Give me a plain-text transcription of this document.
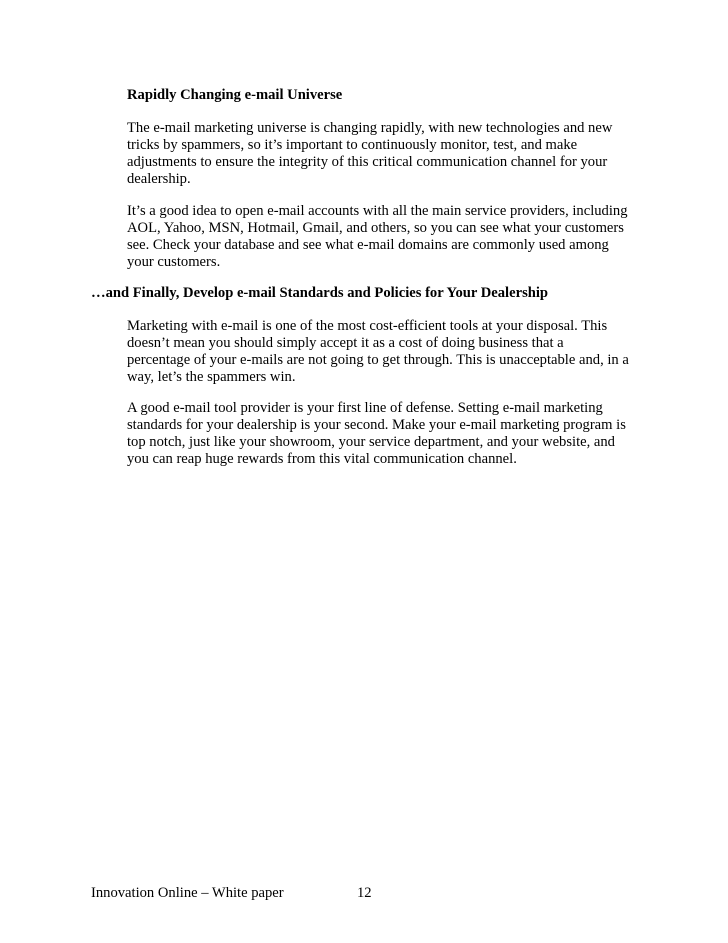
Rapidly Changing e-mail Universe
The e-mail marketing universe is changing rapidly, with new technologies and new
tricks by spammers, so it’s important to continuously monitor, test, and make
adjustments to ensure the integrity of this critical communication channel for your
dealership.
It’s a good idea to open e-mail accounts with all the main service providers, including
AOL, Yahoo, MSN, Hotmail, Gmail, and others, so you can see what your customers
see. Check your database and see what e-mail domains are commonly used among
your customers.
…and Finally, Develop e-mail Standards and Policies for Your Dealership
Marketing with e-mail is one of the most cost-efficient tools at your disposal. This
doesn’t mean you should simply accept it as a cost of doing business that a
percentage of your e-mails are not going to get through. This is unacceptable and, in a
way, let’s the spammers win.
A good e-mail tool provider is your first line of defense. Setting e-mail marketing
standards for your dealership is your second. Make your e-mail marketing program is
top notch, just like your showroom, your service department, and your website, and
you can reap huge rewards from this vital communication channel.
Innovation Online – White paper	12
